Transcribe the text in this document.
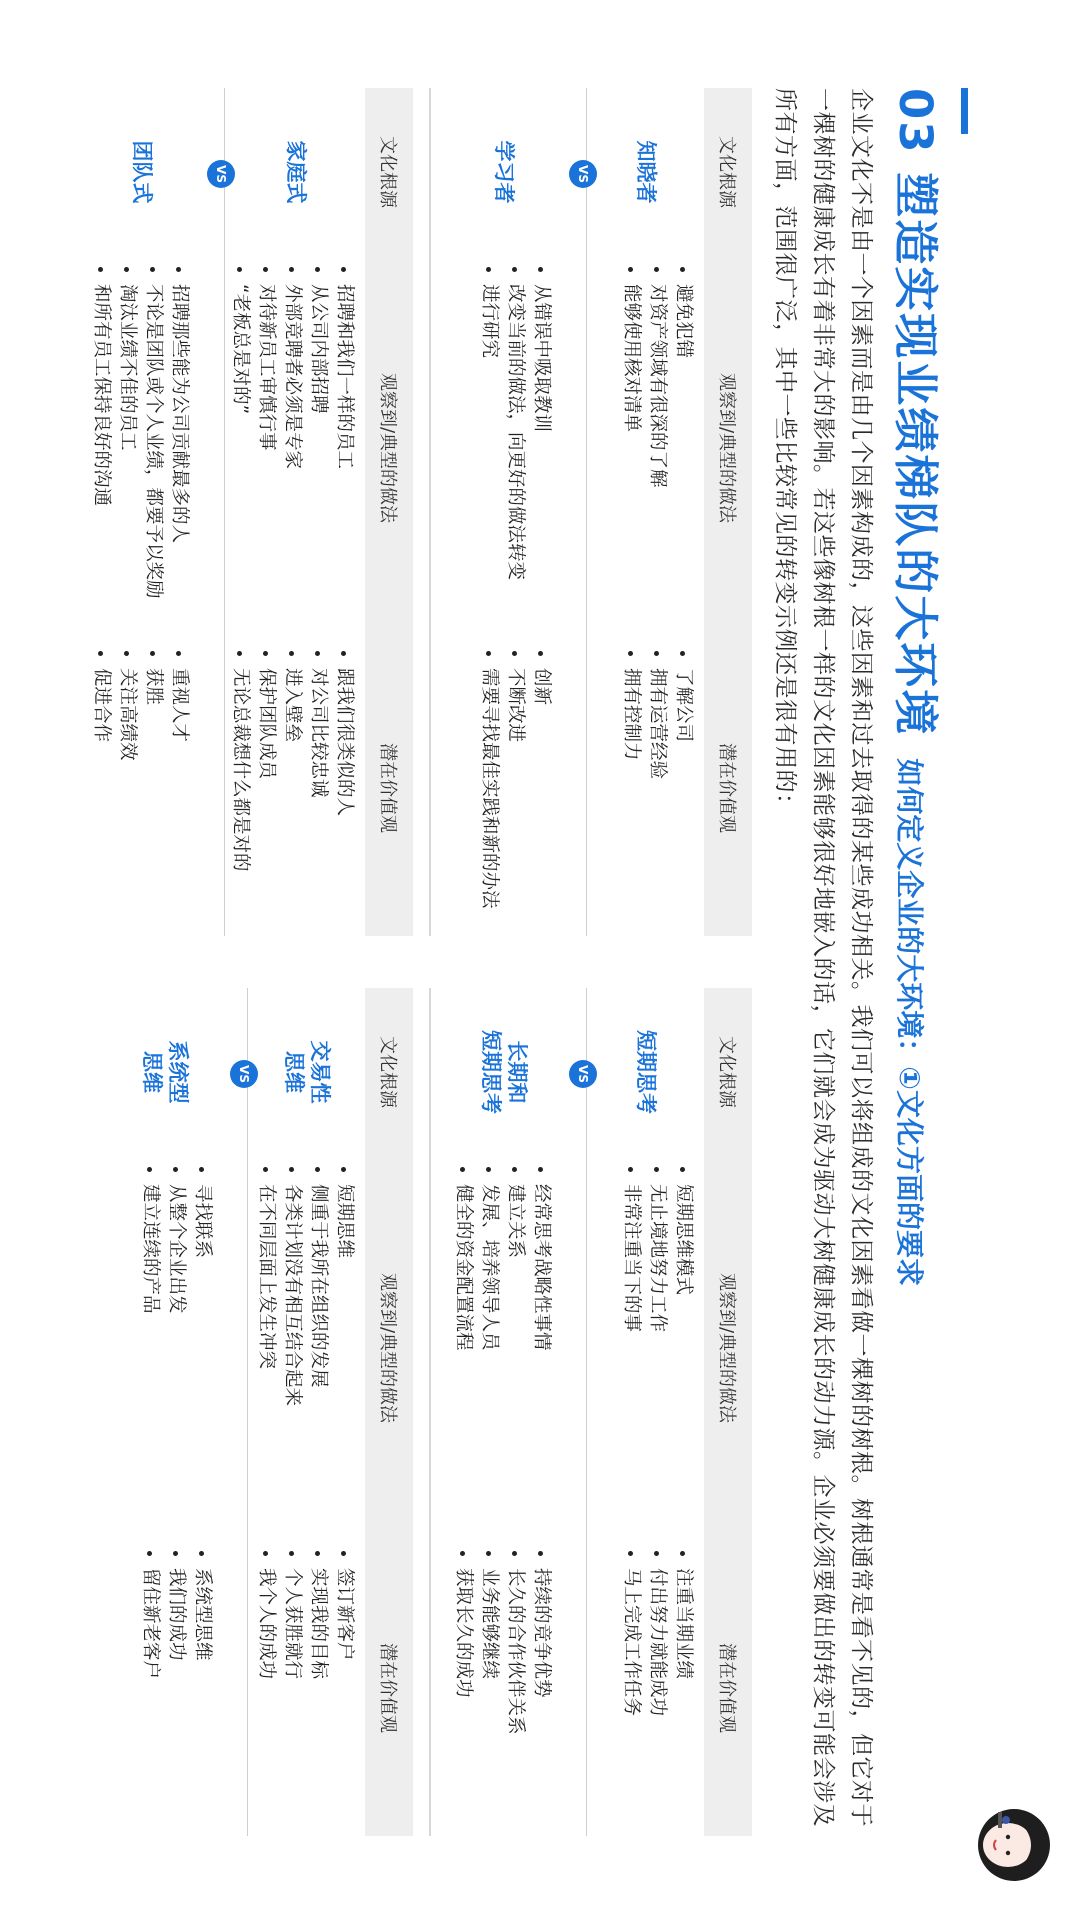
03 塑造实现业绩梯队的大环境
如何定义企业的大环境：①文化方面的要求
企业文化不是由一个因素而是由几个因素构成的，这些因素和过去取得的某些成功相关。我们可以将组成的文化因素看做一棵树的树根。树根通常是看不见的，但它对于一棵树的健康成长有着非常大的影响。若这些像树根一样的文化因素能够很好地嵌入的话，它们就会成为驱动大树健康成长的动力源。企业必须要做出的转变可能会涉及所有方面，范围很广泛，其中一些比较常见的转变示例还是很有用的：
文化根源
观察到/典型的做法
潜在价值观
知晓者
• 避免犯错
• 对资产领域有很深的了解
• 能够使用核对清单
• 了解公司
• 拥有运营经验
• 拥有控制力
VS
学习者
• 从错误中吸取教训
• 改变当前的做法，向更好的做法转变
• 进行研究
• 创新
• 不断改进
• 需要寻找最佳实践和新的办法
文化根源
观察到/典型的做法
潜在价值观
家庭式
• 招聘和我们一样的员工
• 从公司内部招聘
• 外部竞聘者必须是专家
• 对待新员工审慎行事
• “老板总是对的”
• 跟我们很类似的人
• 对公司比较忠诚
• 进入壁垒
• 保护团队成员
• 无论总裁想什么都是对的
VS
团队式
• 招聘那些能为公司贡献最多的人
• 不论是团队或个人业绩，都要予以奖励
• 淘汰业绩不佳的员工
• 和所有员工保持良好的沟通
• 重视人才
• 获胜
• 关注高绩效
• 促进合作
文化根源
观察到/典型的做法
潜在价值观
短期思考
• 短期思维模式
• 无止境地努力工作
• 非常注重当下的事
• 注重当期业绩
• 付出努力就能成功
• 马上完成工作任务
VS
长期和
短期思考
• 经常思考战略性事情
• 建立关系
• 发展、培养领导人员
• 健全的资金配置流程
• 持续的竞争优势
• 长久的合作伙伴关系
• 业务能够继续
• 获取长久的成功
文化根源
观察到/典型的做法
潜在价值观
交易性
思维
• 短期思维
• 侧重于我所在组织的发展
• 各类计划没有相互结合起来
• 在不同层面上发生冲突
• 签订新客户
• 实现我的目标
• 个人获胜就行
• 我个人的成功
VS
系统型
思维
• 寻找联系
• 从整个企业出发
• 建立连续的产品
• 系统型思维
• 我们的成功
• 留住新老客户
